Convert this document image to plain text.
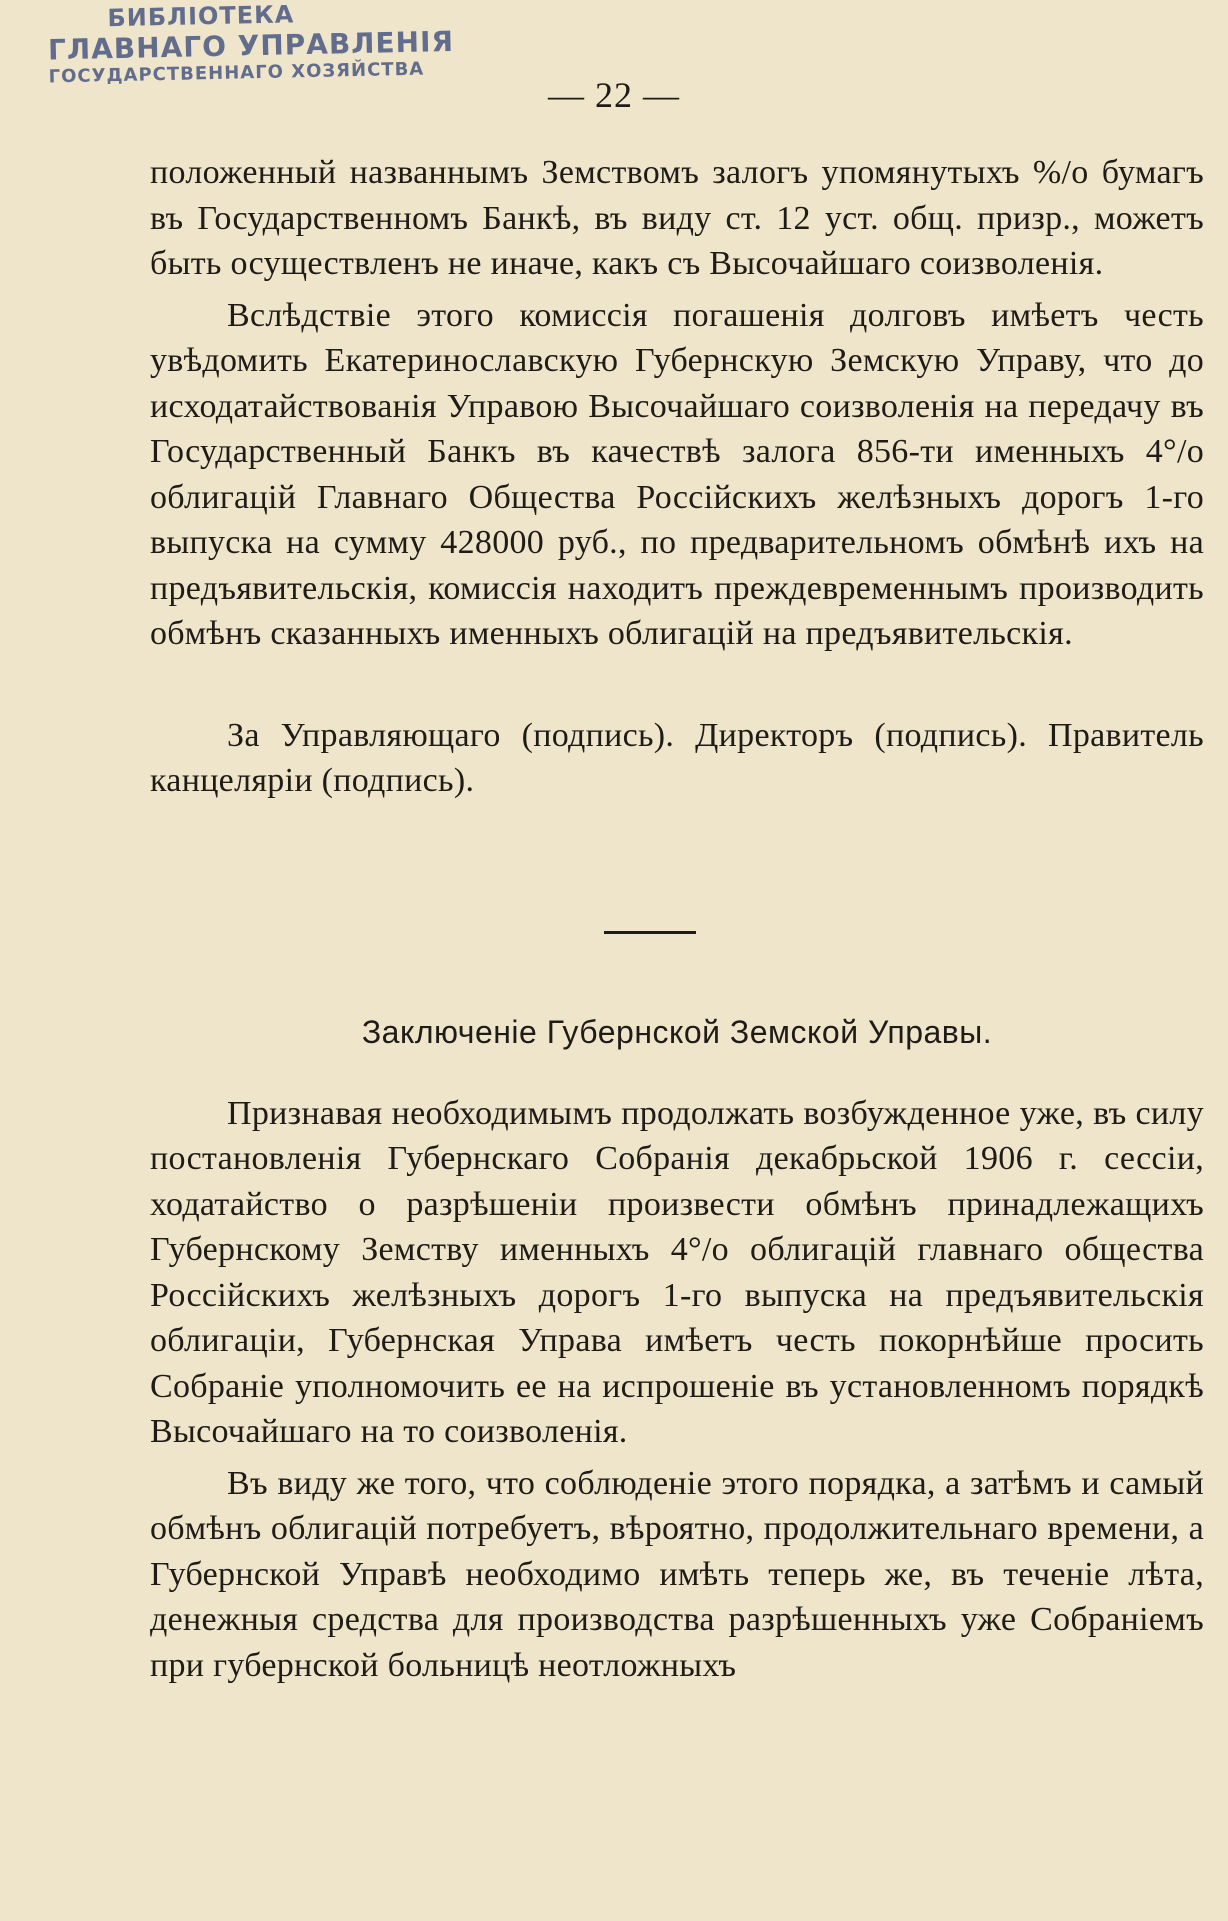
БИБЛIОТЕКА
ГЛАВНАГО УПРАВЛЕНIЯ
ГОСУДАРСТВЕННАГО ХОЗЯЙСТВА
— 22 —

положенный названнымъ Земствомъ залогъ упомянутыхъ %/о бумагъ въ Государственномъ Банкѣ, въ виду ст. 12 уст. общ. призр., можетъ быть осуществленъ не иначе, какъ съ Высочайшаго соизволенія.

Вслѣдствіе этого комиссія погашенія долговъ имѣетъ честь увѣдомить Екатеринославскую Губернскую Земскую Управу, что до исходатайствованія Управою Высочайшаго соизволенія на передачу въ Государственный Банкъ въ качествѣ залога 856-ти именныхъ 4°/о облигацій Главнаго Общества Россійскихъ желѣзныхъ дорогъ 1-го выпуска на сумму 428000 руб., по предварительномъ обмѣнѣ ихъ на предъявительскія, комиссія находитъ преждевременнымъ производить обмѣнъ сказанныхъ именныхъ облигацій на предъявительскія.

За Управляющаго (подпись). Директоръ (подпись). Правитель канцеляріи (подпись).

Заключеніе Губернской Земской Управы.

Признавая необходимымъ продолжать возбужденное уже, въ силу постановленія Губернскаго Собранія декабрьской 1906 г. сессіи, ходатайство о разрѣшеніи произвести обмѣнъ принадлежащихъ Губернскому Земству именныхъ 4°/о облигацій главнаго общества Россійскихъ желѣзныхъ дорогъ 1-го выпуска на предъявительскія облигаціи, Губернская Управа имѣетъ честь покорнѣйше просить Собраніе уполномочить ее на испрошеніе въ установленномъ порядкѣ Высочайшаго на то соизволенія.

Въ виду же того, что соблюденіе этого порядка, а затѣмъ и самый обмѣнъ облигацій потребуетъ, вѣроятно, продолжительнаго времени, а Губернской Управѣ необходимо имѣть теперь же, въ теченіе лѣта, денежныя средства для производства разрѣшенныхъ уже Собраніемъ при губернской больницѣ неотложныхъ
